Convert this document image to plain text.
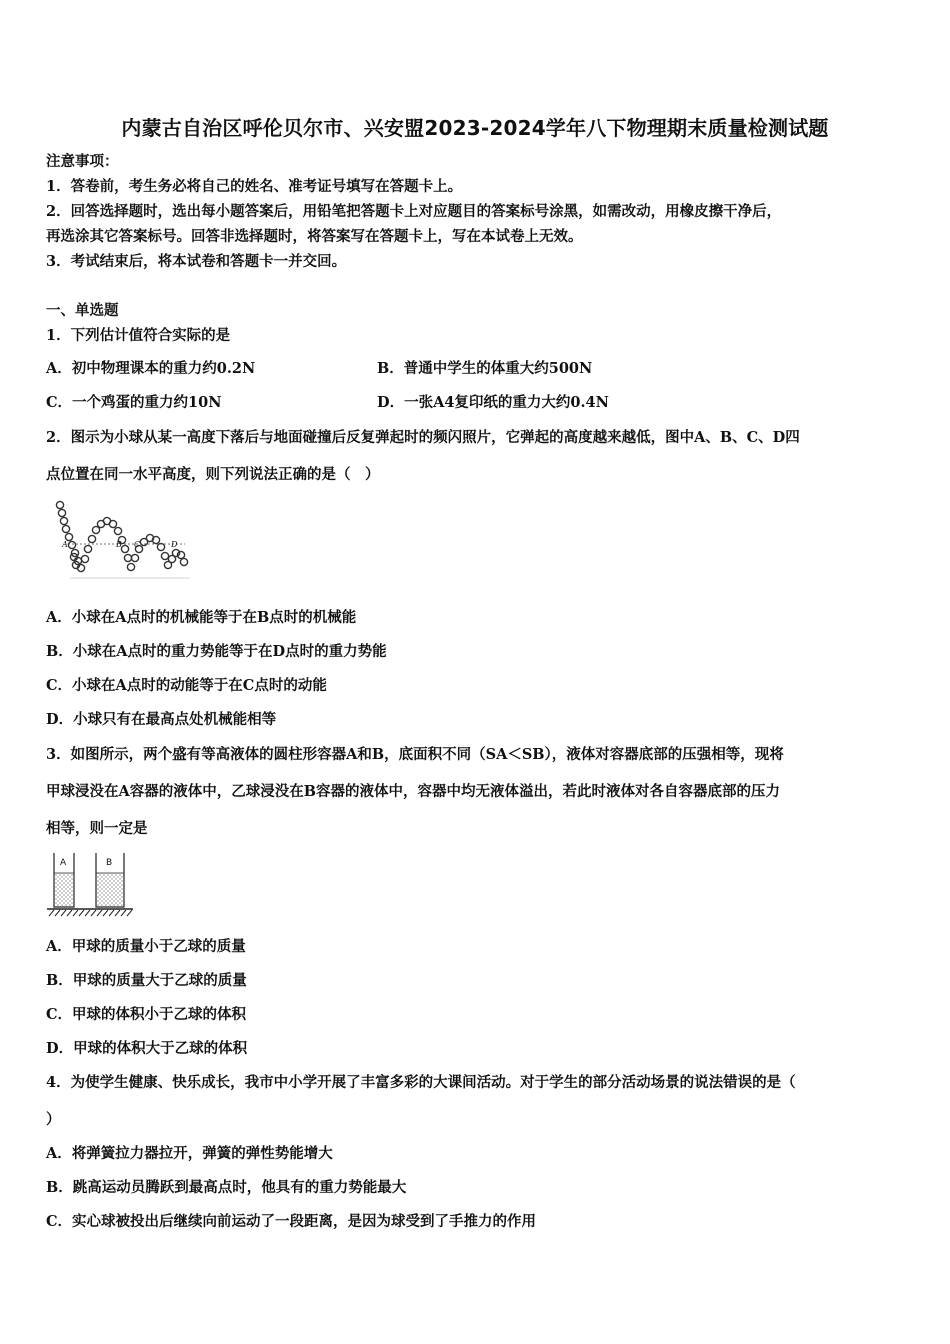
内蒙古自治区呼伦贝尔市、兴安盟2023-2024学年八下物理期末质量检测试题
注意事项：
1．答卷前，考生务必将自己的姓名、准考证号填写在答题卡上。
2．回答选择题时，选出每小题答案后，用铅笔把答题卡上对应题目的答案标号涂黑，如需改动，用橡皮擦干净后，
再选涂其它答案标号。回答非选择题时，将答案写在答题卡上，写在本试卷上无效。
3．考试结束后，将本试卷和答题卡一并交回。
一、单选题
1．下列估计值符合实际的是
A．初中物理课本的重力约0.2N	B．普通中学生的体重大约500N
C．一个鸡蛋的重力约10N	D．一张A4复印纸的重力大约0.4N
2．图示为小球从某一高度下落后与地面碰撞后反复弹起时的频闪照片，它弹起的高度越来越低，图中A、B、C、D四
点位置在同一水平高度，则下列说法正确的是（　）
A	B C	D
A．小球在A点时的机械能等于在B点时的机械能
B．小球在A点时的重力势能等于在D点时的重力势能
C．小球在A点时的动能等于在C点时的动能
D．小球只有在最高点处机械能相等
3．如图所示，两个盛有等高液体的圆柱形容器A和B，底面积不同（SA＜SB），液体对容器底部的压强相等，现将
甲球浸没在A容器的液体中，乙球浸没在B容器的液体中，容器中均无液体溢出，若此时液体对各自容器底部的压力
相等，则一定是
A	B
A．甲球的质量小于乙球的质量
B．甲球的质量大于乙球的质量
C．甲球的体积小于乙球的体积
D．甲球的体积大于乙球的体积
4．为使学生健康、快乐成长，我市中小学开展了丰富多彩的大课间活动。对于学生的部分活动场景的说法错误的是（
）
A．将弹簧拉力器拉开，弹簧的弹性势能增大
B．跳高运动员腾跃到最高点时，他具有的重力势能最大
C．实心球被投出后继续向前运动了一段距离，是因为球受到了手推力的作用
